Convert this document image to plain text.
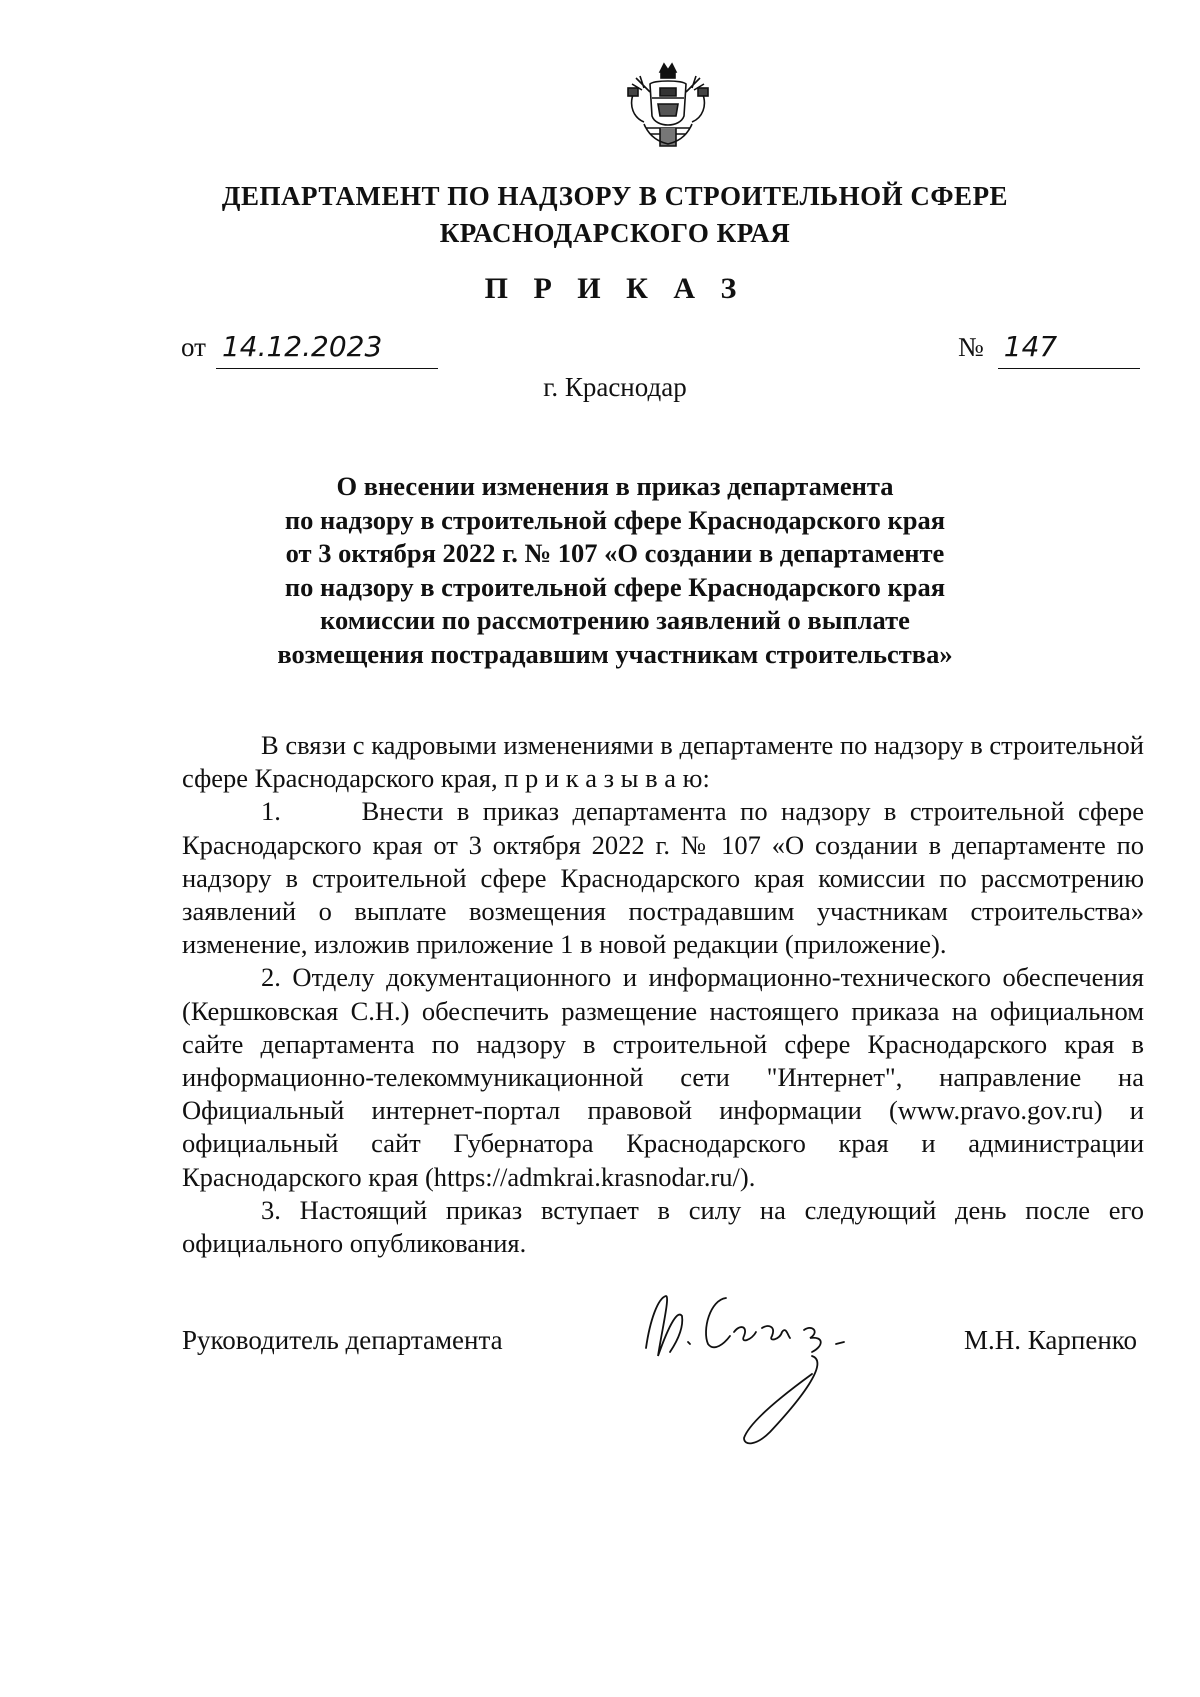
ДЕПАРТАМЕНТ ПО НАДЗОРУ В СТРОИТЕЛЬНОЙ СФЕРЕ
КРАСНОДАРСКОГО КРАЯ
П Р И К А З
от 14.12.2023	№ 147
г. Краснодар
О внесении изменения в приказ департамента
по надзору в строительной сфере Краснодарского края
от 3 октября 2022 г. № 107 «О создании в департаменте
по надзору в строительной сфере Краснодарского края
комиссии по рассмотрению заявлений о выплате
возмещения пострадавшим участникам строительства»

В связи с кадровыми изменениями в департаменте по надзору в строительной сфере Краснодарского края, п р и к а з ы в а ю:

1.      Внести в приказ департамента по надзору в строительной сфере Краснодарского края от 3 октября 2022 г. № 107 «О создании в департаменте по надзору в строительной сфере Краснодарского края комиссии по рассмотрению заявлений о выплате возмещения пострадавшим участникам строительства» изменение, изложив приложение 1 в новой редакции (приложение).

2. Отделу документационного и информационно-технического обеспечения (Кершковская С.Н.) обеспечить размещение настоящего приказа на официальном сайте департамента по надзору в строительной сфере Краснодарского края в информационно-телекоммуникационной сети "Интернет", направление на Официальный интернет-портал правовой информации (www.pravo.gov.ru) и официальный сайт Губернатора Краснодарского края и администрации Краснодарского края (https://admkrai.krasnodar.ru/).

3. Настоящий приказ вступает в силу на следующий день после его официального опубликования.

Руководитель департамента	М.Н. Карпенко
